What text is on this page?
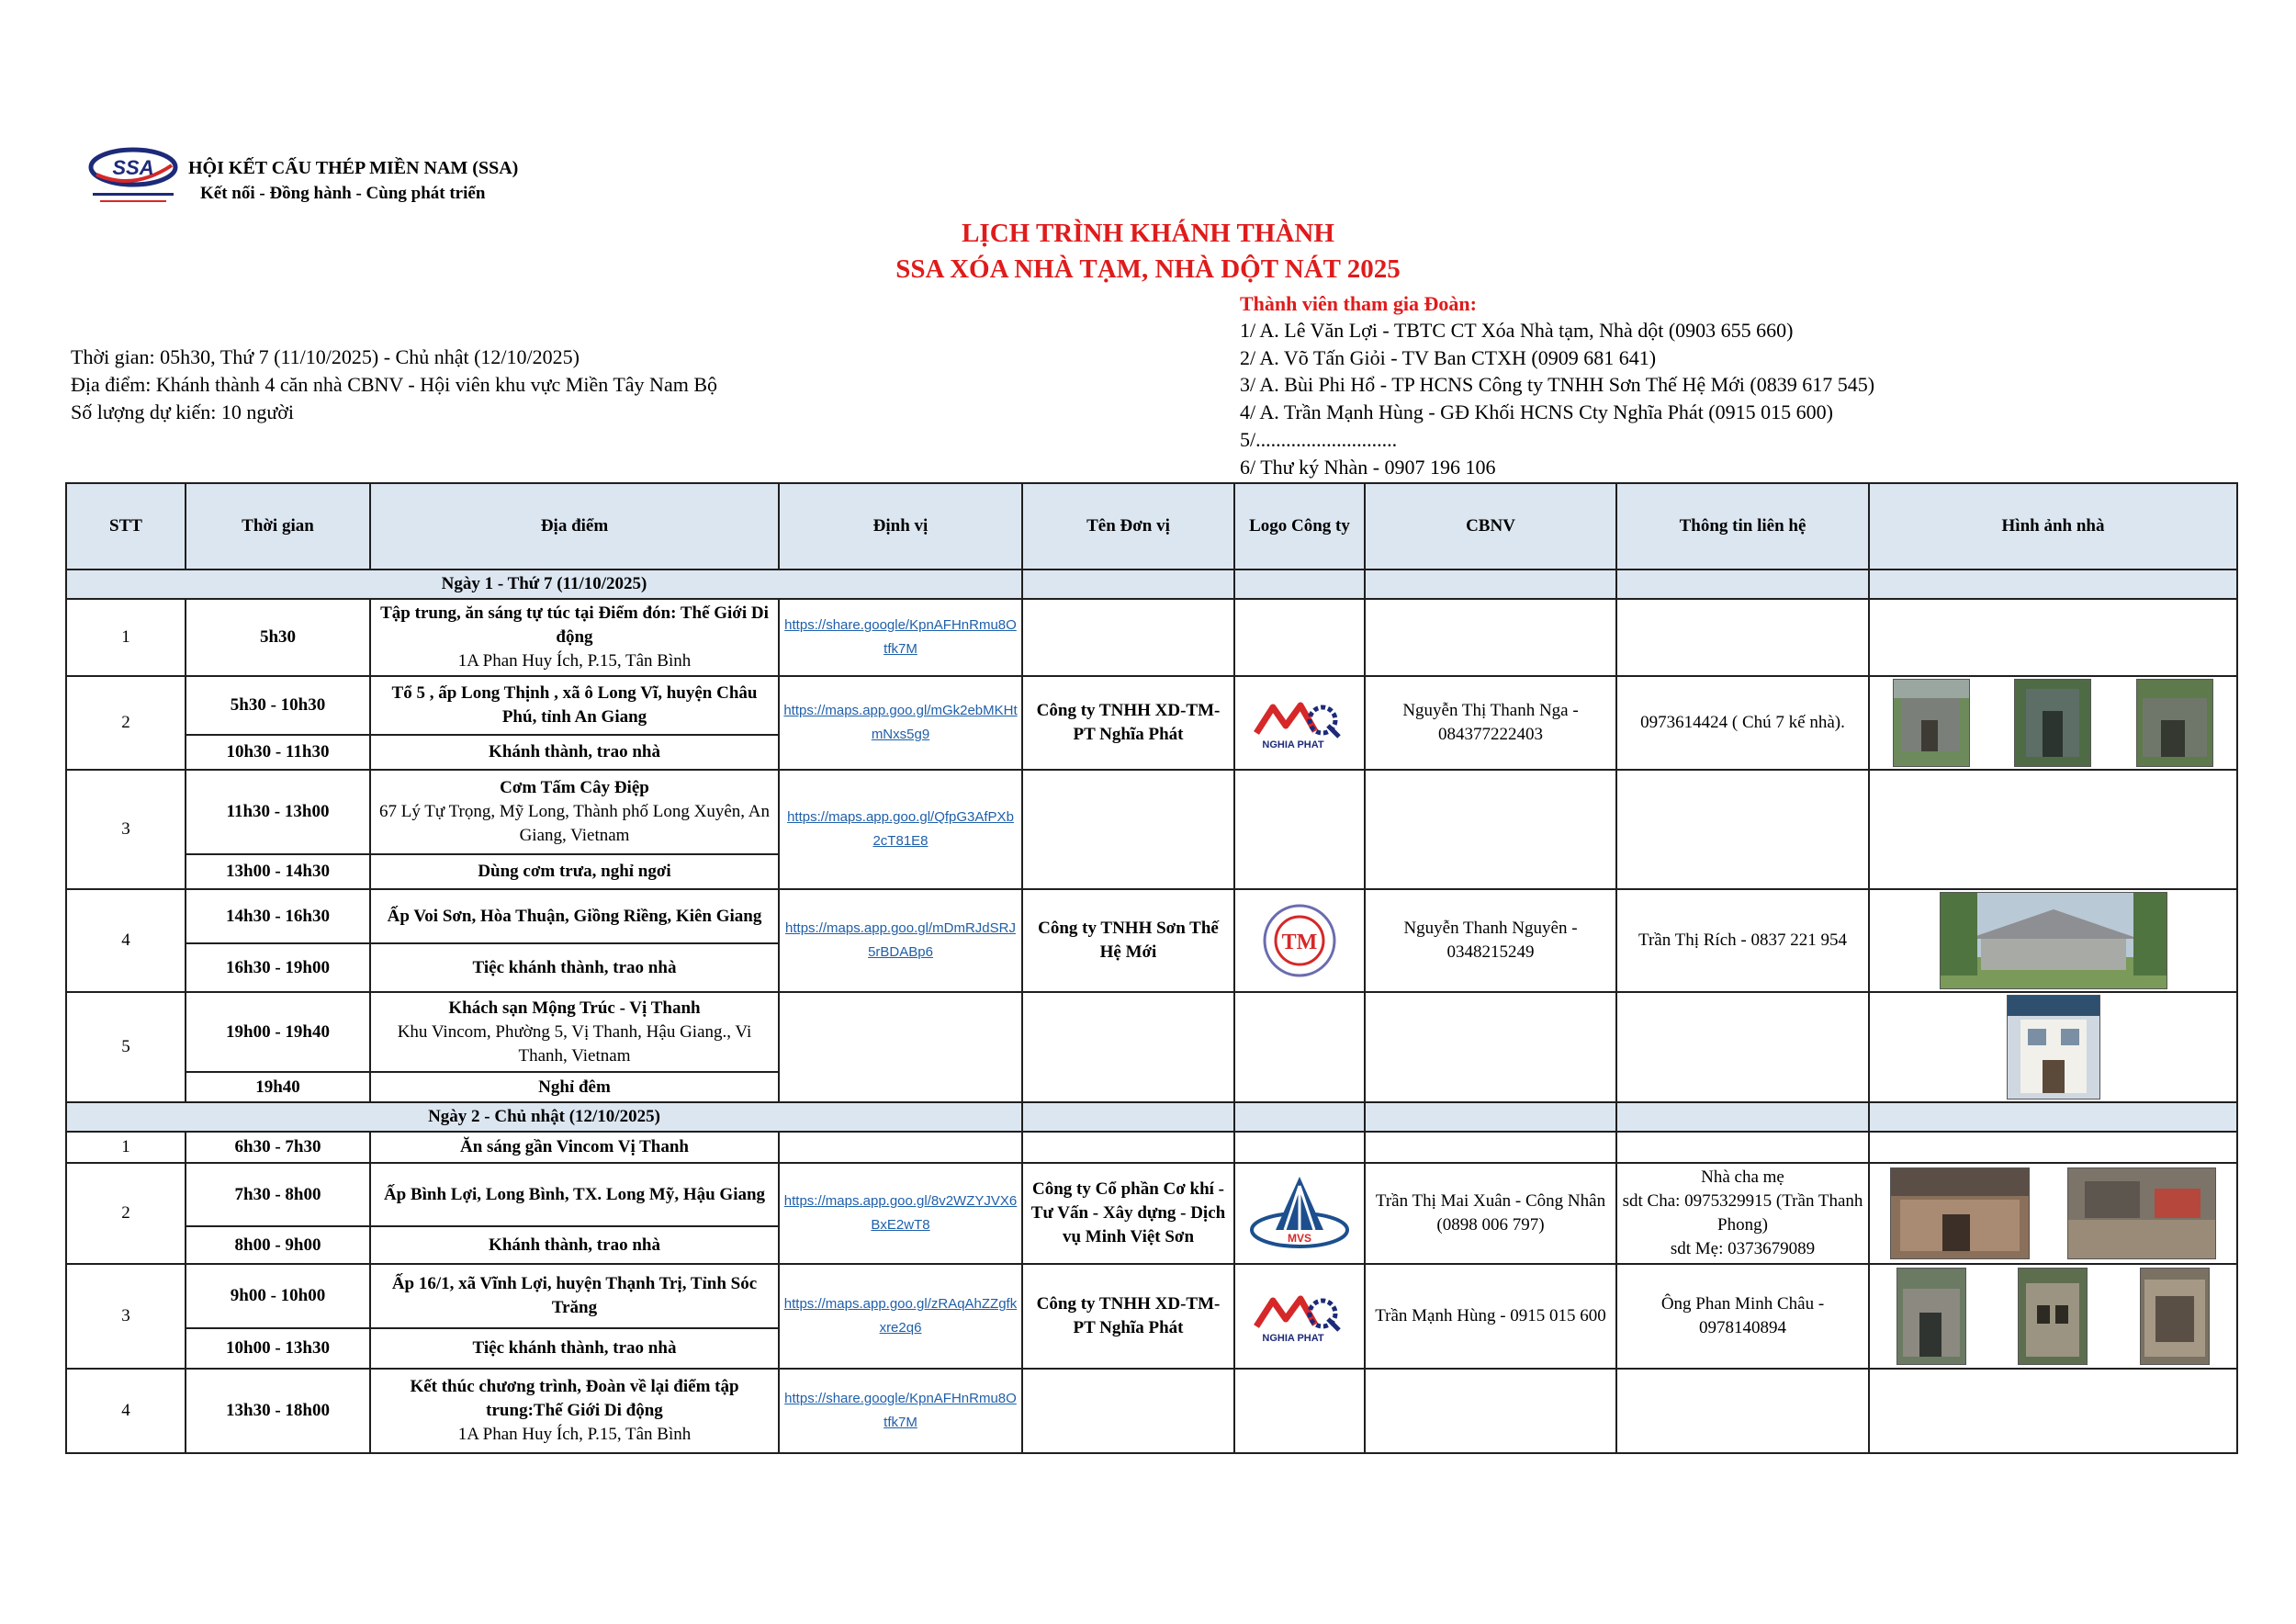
SSA HỘI KẾT CẤU THÉP MIỀN NAM (SSA)
Kết nối - Đồng hành - Cùng phát triển
LỊCH TRÌNH KHÁNH THÀNH
SSA XÓA NHÀ TẠM, NHÀ DỘT NÁT 2025
Thời gian: 05h30, Thứ 7 (11/10/2025) - Chủ nhật (12/10/2025)
Địa điểm: Khánh thành 4 căn nhà CBNV - Hội viên khu vực Miền Tây Nam Bộ
Số lượng dự kiến: 10 người
Thành viên tham gia Đoàn:
1/ A. Lê Văn Lợi - TBTC CT Xóa Nhà tạm, Nhà dột (0903 655 660)
2/ A. Võ Tấn Giỏi - TV Ban CTXH (0909 681 641)
3/ A. Bùi Phi Hổ - TP HCNS Công ty TNHH Sơn Thế Hệ Mới (0839 617 545)
4/ A. Trần Mạnh Hùng - GĐ Khối HCNS Cty Nghĩa Phát (0915 015 600)
5/............................
6/ Thư ký Nhàn - 0907 196 106
STT	Thời gian	Địa điểm	Định vị	Tên Đơn vị	Logo Công ty	CBNV	Thông tin liên hệ	Hình ảnh nhà
Ngày 1 - Thứ 7 (11/10/2025)								
1	5h30	Tập trung, ăn sáng tự túc tại Điểm đón: Thế Giới Di động
1A Phan Huy Ích, P.15, Tân Bình	https://share.google/KpnAFHnRmu8Otfk7M					
2	5h30 - 10h30	Tổ 5 , ấp Long Thịnh , xã ô Long Vĩ, huyện Châu Phú, tỉnh An Giang	https://maps.app.goo.gl/mGk2ebMKHtmNxs5g9	Công ty TNHH XD-TM-PT Nghĩa Phát	NGHIA PHAT	Nguyễn Thị Thanh Nga - 084377222403	0973614424 ( Chú 7 kế nhà).	

	10h30 - 11h30	Khánh thành, trao nhà						
3	11h30 - 13h00	Cơm Tấm Cây Điệp
67 Lý Tự Trọng, Mỹ Long, Thành phố Long Xuyên, An Giang, Vietnam	https://maps.app.goo.gl/QfpG3AfPXb2cT81E8					
	13h00 - 14h30	Dùng cơm trưa, nghỉ ngơi						
4	14h30 - 16h30	Ấp Voi Sơn, Hòa Thuận, Giồng Riềng, Kiên Giang	https://maps.app.goo.gl/mDmRJdSRJ5rBDABp6	Công ty TNHH Sơn Thế Hệ Mới	TM	Nguyễn Thanh Nguyên - 0348215249	Trần Thị Rích - 0837 221 954	

	16h30 - 19h00	Tiệc khánh thành, trao nhà						
5	19h00 - 19h40	Khách sạn Mộng Trúc - Vị Thanh
Khu Vincom, Phường 5, Vị Thanh, Hậu Giang., Vi Thanh, Vietnam

	19h40	Nghỉ đêm						
Ngày 2 - Chủ nhật (12/10/2025)								
1	6h30 - 7h30	Ăn sáng gần Vincom Vị Thanh						
2	7h30 - 8h00	Ấp Bình Lợi, Long Bình, TX. Long Mỹ, Hậu Giang	https://maps.app.goo.gl/8v2WZYJVX6BxE2wT8	Công ty Cổ phần Cơ khí - Tư Vấn - Xây dựng - Dịch vụ Minh Việt Sơn	MVS	Trần Thị Mai Xuân - Công Nhân (0898 006 797)	Nhà cha mẹ
sdt Cha: 0975329915 (Trần Thanh Phong)
sdt Mẹ: 0373679089

	8h00 - 9h00	Khánh thành, trao nhà						
3	9h00 - 10h00	Ấp 16/1, xã Vĩnh Lợi, huyện Thạnh Trị, Tỉnh Sóc Trăng	https://maps.app.goo.gl/zRAqAhZZgfkxre2q6	Công ty TNHH XD-TM-PT Nghĩa Phát	NGHIA PHAT	Trần Mạnh Hùng - 0915 015 600	Ông Phan Minh Châu - 0978140894	

	10h00 - 13h30	Tiệc khánh thành, trao nhà						
4	13h30 - 18h00	Kết thúc chương trình, Đoàn về lại điểm tập trung:Thế Giới Di động
1A Phan Huy Ích, P.15, Tân Bình	https://share.google/KpnAFHnRmu8Otfk7M					
